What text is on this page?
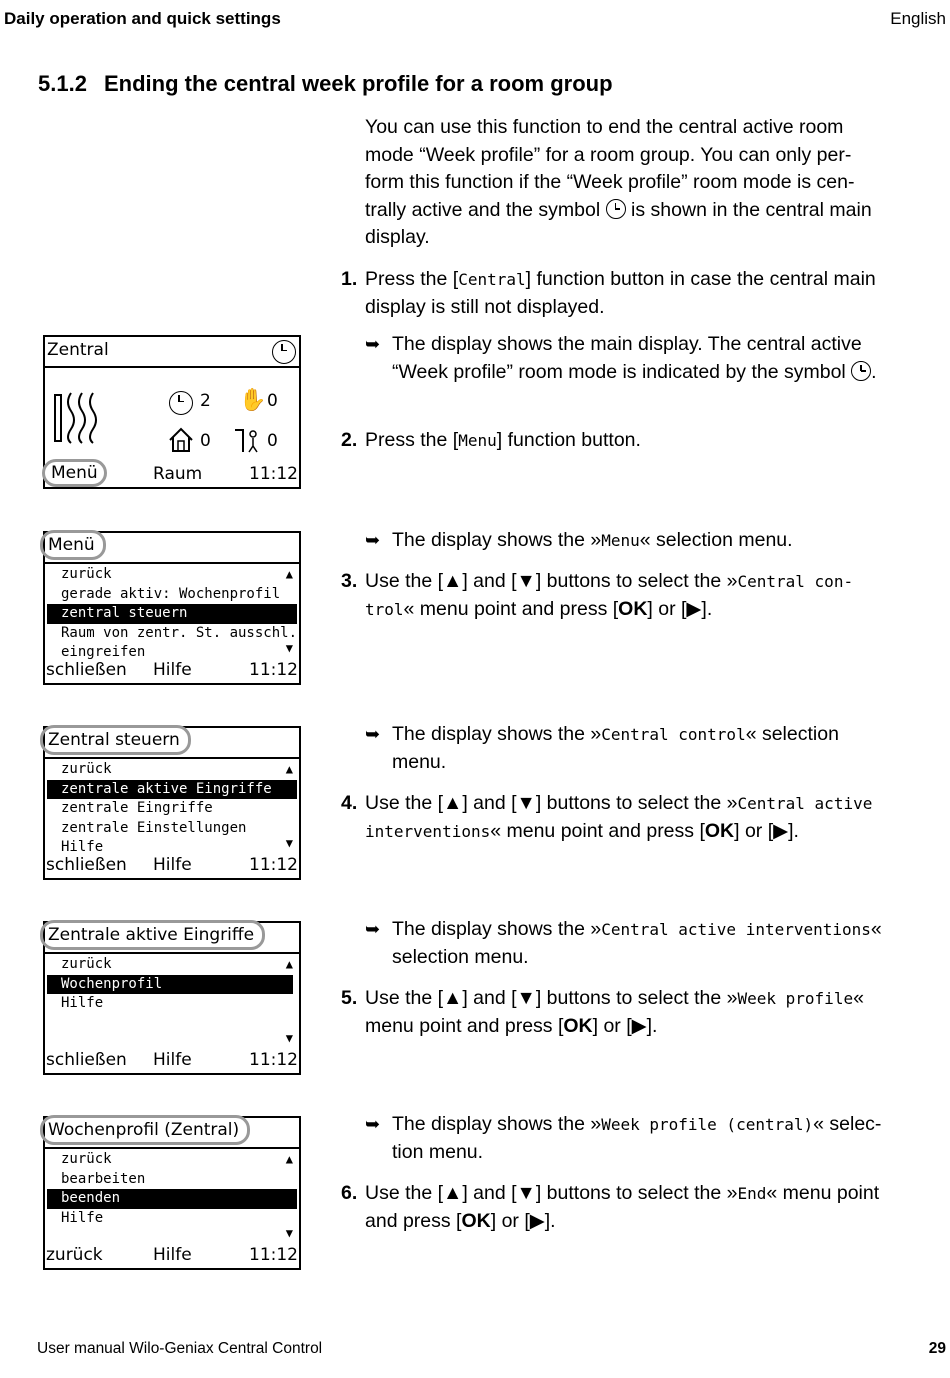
Daily operation and quick settings	English
5.1.2 Ending the central week profile for a room group
You can use this function to end the central active room mode “Week profile” for a room group. You can only per-form this function if the “Week profile” room mode is cen-trally active and the symbol is shown in the central main display.
1. Press the [Central] function button in case the central main display is still not displayed.
➥ The display shows the main display. The central active “Week profile” room mode is indicated by the symbol .
2. Press the [Menu] function button.
➥ The display shows the »Menu« selection menu.
3. Use the [▲] and [▼] buttons to select the »Central con-trol« menu point and press [OK] or [▶].
➥ The display shows the »Central control« selection menu.
4. Use the [▲] and [▼] buttons to select the »Central active interventions« menu point and press [OK] or [▶].
➥ The display shows the »Central active interventions« selection menu.
5. Use the [▲] and [▼] buttons to select the »Week profile« menu point and press [OK] or [▶].
➥ The display shows the »Week profile (central)« selec-tion menu.
6. Use the [▲] and [▼] buttons to select the »End« menu point and press [OK] or [▶].
Zentral
2 ✋ 0
0	0
Menü	Raum	11:12
Menü
▲
zurück
gerade aktiv: Wochenprofil
zentral steuern
Raum von zentr. St. ausschl.
eingreifen	▼
schließen Hilfe	11:12
Zentral steuern
▲
zurück
zentrale aktive Eingriffe
zentrale Eingriffe
zentrale Einstellungen
Hilfe	▼
schließen Hilfe	11:12
Zentrale aktive Eingriffe
▲
zurück
Wochenprofil
Hilfe
▼
schließen Hilfe	11:12
Wochenprofil (Zentral)
▲
zurück
bearbeiten
beenden
Hilfe
▼
zurück	Hilfe	11:12
User manual Wilo-Geniax Central Control	29
